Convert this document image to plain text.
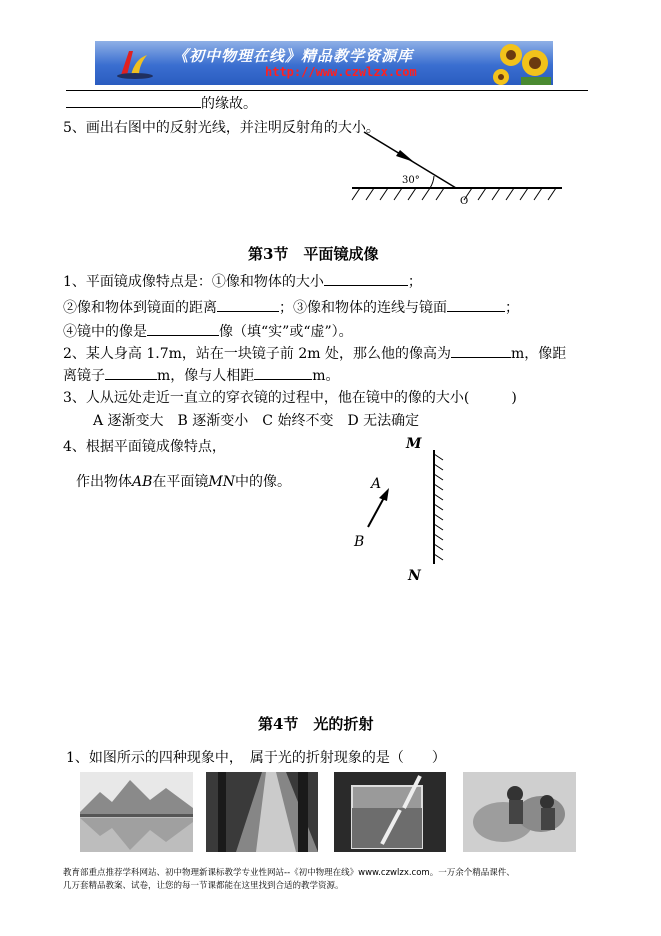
《初中物理在线》精品教学资源库
http://www.czwlzx.com
的缘故。
5、画出右图中的反射光线，并注明反射角的大小。
30°
O
第3节　平面镜成像
1、平面镜成像特点是：①像和物体的大小	；
②像和物体到镜面的距离	；③像和物体的连线与镜面	；
④镜中的像是	像（填“实”或“虚”）。
2、某人身高 1.7m，站在一块镜子前 2m 处，那么他的像高为	m，像距
离镜子	m，像与人相距	m。
3、人从远处走近一直立的穿衣镜的过程中，他在镜中的像的大小(　　　)
A 逐渐变大　B 逐渐变小　C 始终不变　D 无法确定
4、根据平面镜成像特点，
作出物体AB在平面镜MN中的像。
M
N
A
B
第4节　光的折射
1、如图所示的四种现象中，　属于光的折射现象的是（　　）
教育部重点推荐学科网站、初中物理新课标教学专业性网站--《初中物理在线》www.czwlzx.com。一万余个精品课件、
几万套精品教案、试卷，让您的每一节课都能在这里找到合适的教学资源。
